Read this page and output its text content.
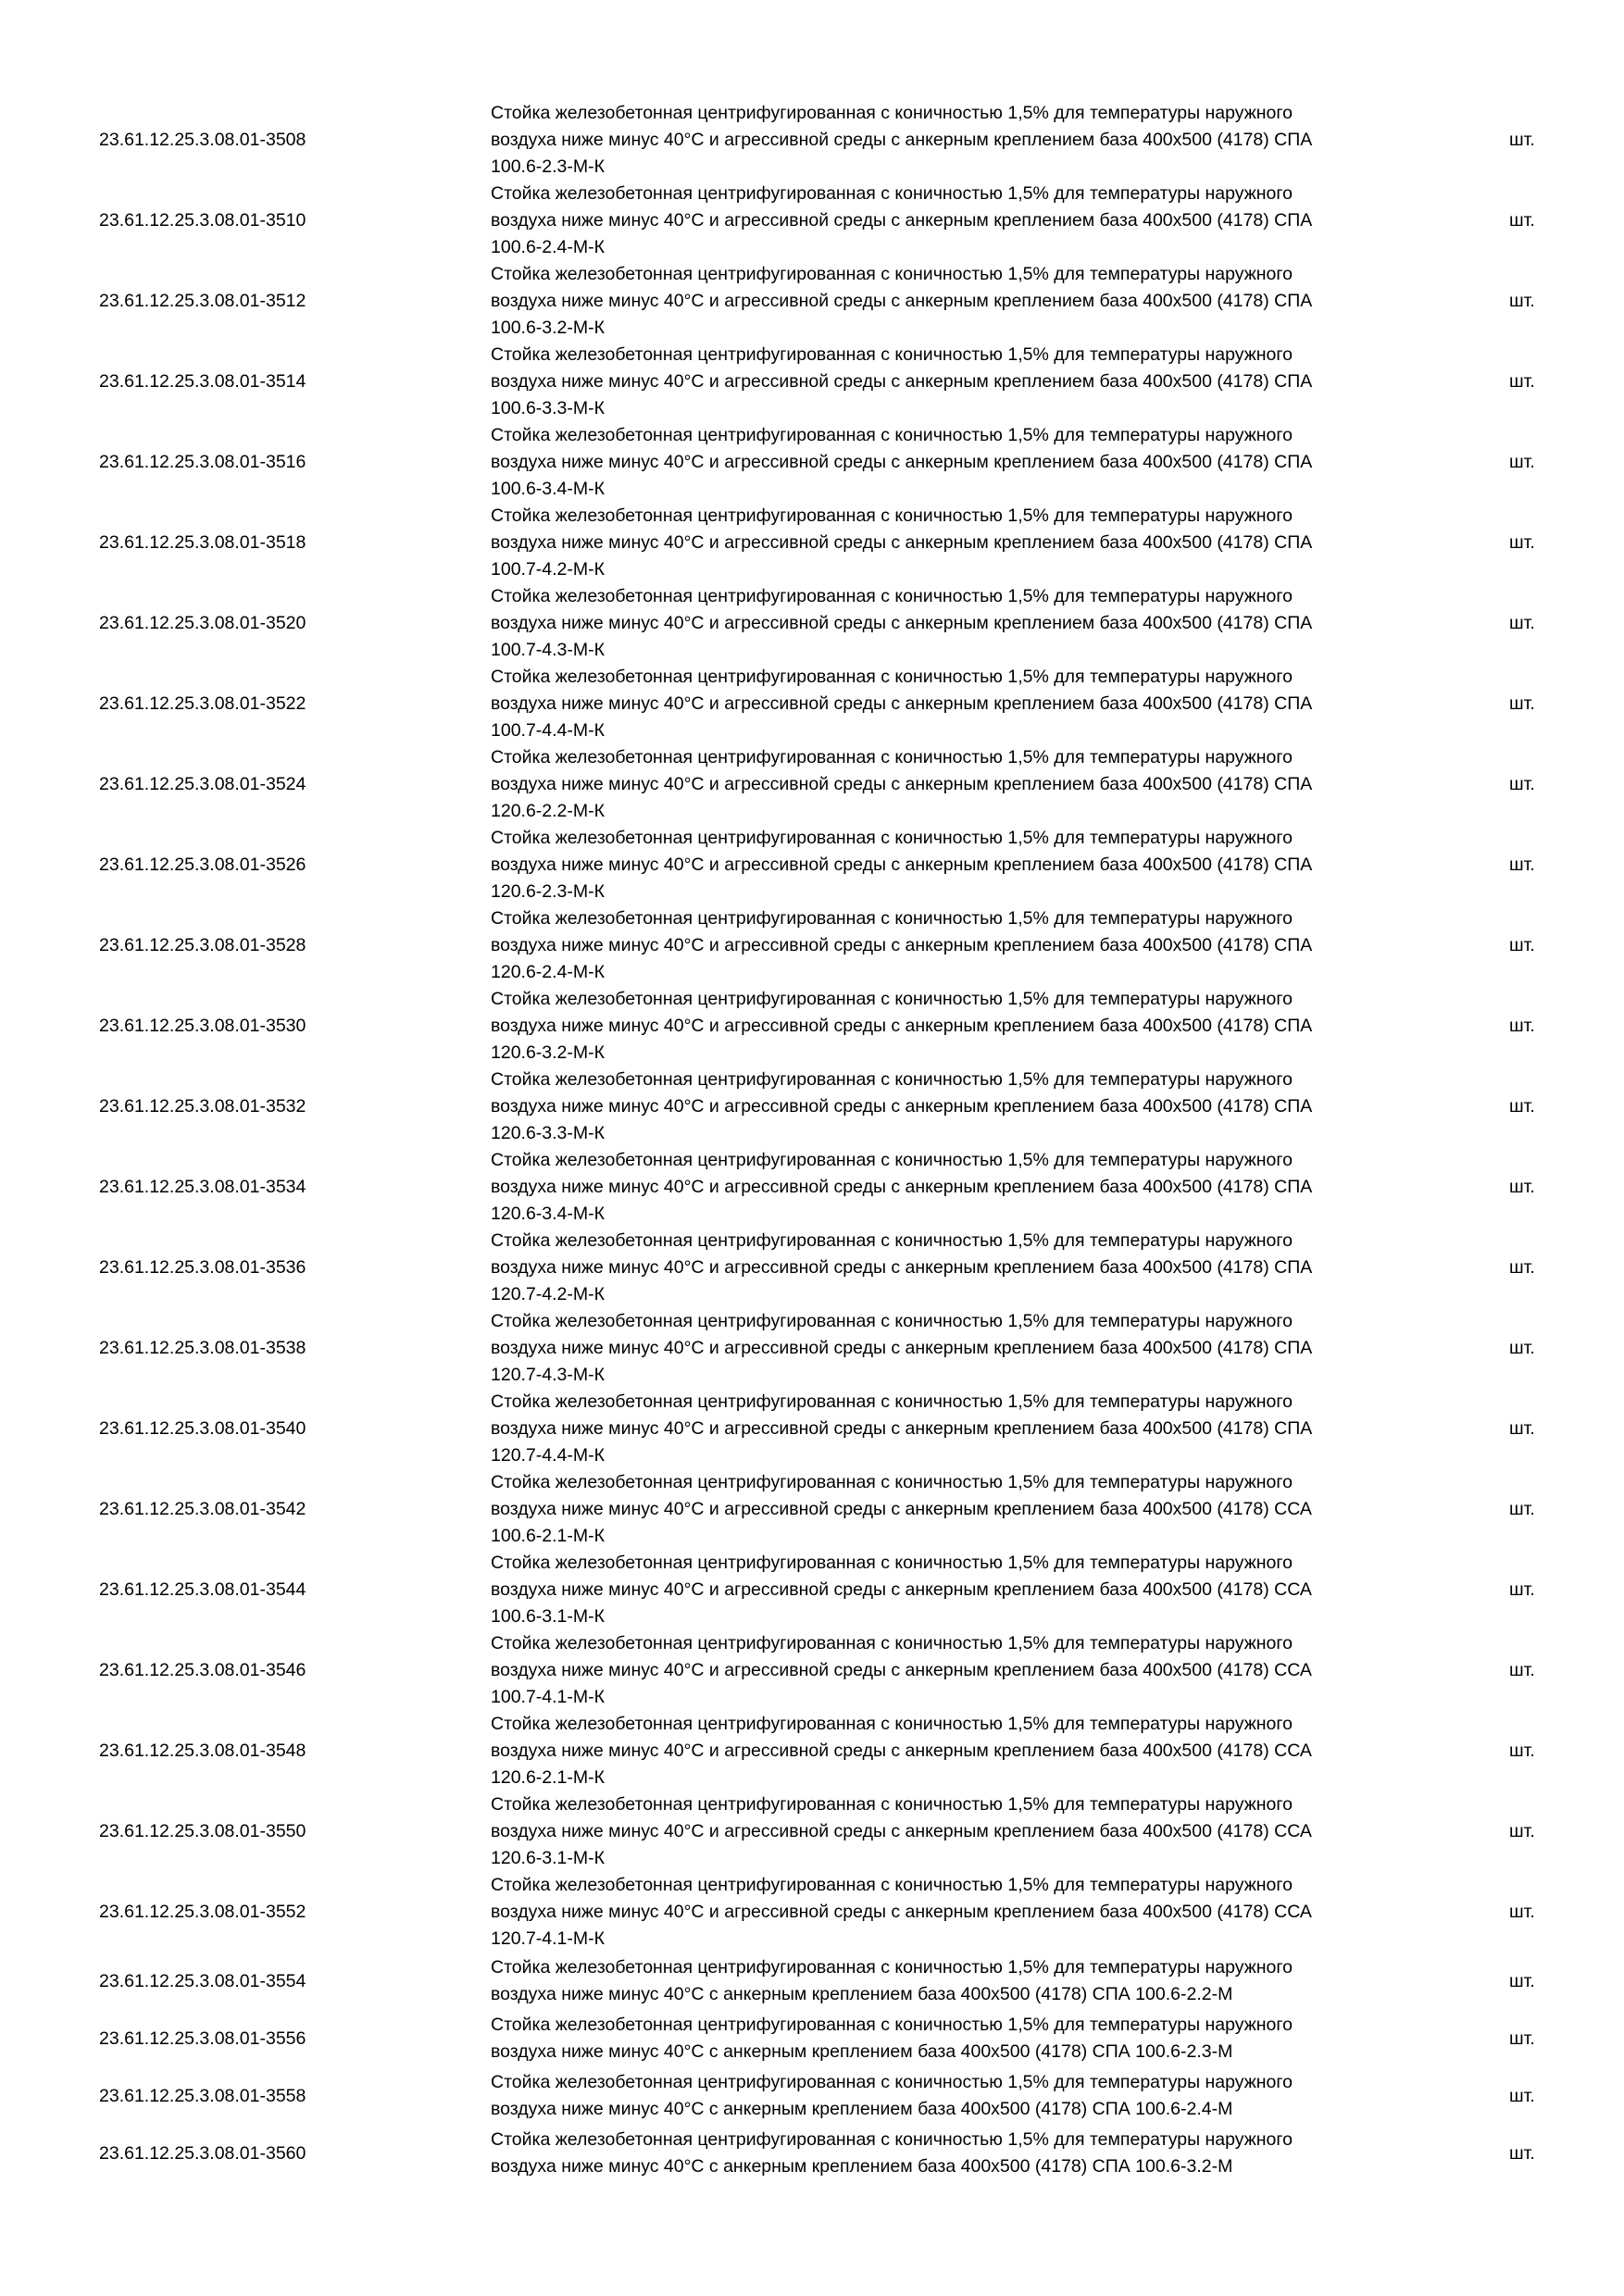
23.61.12.25.3.08.01-3508
Стойка железобетонная центрифугированная с коничностью 1,5% для температуры наружного
воздуха ниже минус 40°С и агрессивной среды с анкерным креплением база 400х500 (4178) СПА
100.6-2.3-М-К
шт.
23.61.12.25.3.08.01-3510
Стойка железобетонная центрифугированная с коничностью 1,5% для температуры наружного
воздуха ниже минус 40°С и агрессивной среды с анкерным креплением база 400х500 (4178) СПА
100.6-2.4-М-К
шт.
23.61.12.25.3.08.01-3512
Стойка железобетонная центрифугированная с коничностью 1,5% для температуры наружного
воздуха ниже минус 40°С и агрессивной среды с анкерным креплением база 400х500 (4178) СПА
100.6-3.2-М-К
шт.
23.61.12.25.3.08.01-3514
Стойка железобетонная центрифугированная с коничностью 1,5% для температуры наружного
воздуха ниже минус 40°С и агрессивной среды с анкерным креплением база 400х500 (4178) СПА
100.6-3.3-М-К
шт.
23.61.12.25.3.08.01-3516
Стойка железобетонная центрифугированная с коничностью 1,5% для температуры наружного
воздуха ниже минус 40°С и агрессивной среды с анкерным креплением база 400х500 (4178) СПА
100.6-3.4-М-К
шт.
23.61.12.25.3.08.01-3518
Стойка железобетонная центрифугированная с коничностью 1,5% для температуры наружного
воздуха ниже минус 40°С и агрессивной среды с анкерным креплением база 400х500 (4178) СПА
100.7-4.2-М-К
шт.
23.61.12.25.3.08.01-3520
Стойка железобетонная центрифугированная с коничностью 1,5% для температуры наружного
воздуха ниже минус 40°С и агрессивной среды с анкерным креплением база 400х500 (4178) СПА
100.7-4.3-М-К
шт.
23.61.12.25.3.08.01-3522
Стойка железобетонная центрифугированная с коничностью 1,5% для температуры наружного
воздуха ниже минус 40°С и агрессивной среды с анкерным креплением база 400х500 (4178) СПА
100.7-4.4-М-К
шт.
23.61.12.25.3.08.01-3524
Стойка железобетонная центрифугированная с коничностью 1,5% для температуры наружного
воздуха ниже минус 40°С и агрессивной среды с анкерным креплением база 400х500 (4178) СПА
120.6-2.2-М-К
шт.
23.61.12.25.3.08.01-3526
Стойка железобетонная центрифугированная с коничностью 1,5% для температуры наружного
воздуха ниже минус 40°С и агрессивной среды с анкерным креплением база 400х500 (4178) СПА
120.6-2.3-М-К
шт.
23.61.12.25.3.08.01-3528
Стойка железобетонная центрифугированная с коничностью 1,5% для температуры наружного
воздуха ниже минус 40°С и агрессивной среды с анкерным креплением база 400х500 (4178) СПА
120.6-2.4-М-К
шт.
23.61.12.25.3.08.01-3530
Стойка железобетонная центрифугированная с коничностью 1,5% для температуры наружного
воздуха ниже минус 40°С и агрессивной среды с анкерным креплением база 400х500 (4178) СПА
120.6-3.2-М-К
шт.
23.61.12.25.3.08.01-3532
Стойка железобетонная центрифугированная с коничностью 1,5% для температуры наружного
воздуха ниже минус 40°С и агрессивной среды с анкерным креплением база 400х500 (4178) СПА
120.6-3.3-М-К
шт.
23.61.12.25.3.08.01-3534
Стойка железобетонная центрифугированная с коничностью 1,5% для температуры наружного
воздуха ниже минус 40°С и агрессивной среды с анкерным креплением база 400х500 (4178) СПА
120.6-3.4-М-К
шт.
23.61.12.25.3.08.01-3536
Стойка железобетонная центрифугированная с коничностью 1,5% для температуры наружного
воздуха ниже минус 40°С и агрессивной среды с анкерным креплением база 400х500 (4178) СПА
120.7-4.2-М-К
шт.
23.61.12.25.3.08.01-3538
Стойка железобетонная центрифугированная с коничностью 1,5% для температуры наружного
воздуха ниже минус 40°С и агрессивной среды с анкерным креплением база 400х500 (4178) СПА
120.7-4.3-М-К
шт.
23.61.12.25.3.08.01-3540
Стойка железобетонная центрифугированная с коничностью 1,5% для температуры наружного
воздуха ниже минус 40°С и агрессивной среды с анкерным креплением база 400х500 (4178) СПА
120.7-4.4-М-К
шт.
23.61.12.25.3.08.01-3542
Стойка железобетонная центрифугированная с коничностью 1,5% для температуры наружного
воздуха ниже минус 40°С и агрессивной среды с анкерным креплением база 400х500 (4178) ССА
100.6-2.1-М-К
шт.
23.61.12.25.3.08.01-3544
Стойка железобетонная центрифугированная с коничностью 1,5% для температуры наружного
воздуха ниже минус 40°С и агрессивной среды с анкерным креплением база 400х500 (4178) ССА
100.6-3.1-М-К
шт.
23.61.12.25.3.08.01-3546
Стойка железобетонная центрифугированная с коничностью 1,5% для температуры наружного
воздуха ниже минус 40°С и агрессивной среды с анкерным креплением база 400х500 (4178) ССА
100.7-4.1-М-К
шт.
23.61.12.25.3.08.01-3548
Стойка железобетонная центрифугированная с коничностью 1,5% для температуры наружного
воздуха ниже минус 40°С и агрессивной среды с анкерным креплением база 400х500 (4178) ССА
120.6-2.1-М-К
шт.
23.61.12.25.3.08.01-3550
Стойка железобетонная центрифугированная с коничностью 1,5% для температуры наружного
воздуха ниже минус 40°С и агрессивной среды с анкерным креплением база 400х500 (4178) ССА
120.6-3.1-М-К
шт.
23.61.12.25.3.08.01-3552
Стойка железобетонная центрифугированная с коничностью 1,5% для температуры наружного
воздуха ниже минус 40°С и агрессивной среды с анкерным креплением база 400х500 (4178) ССА
120.7-4.1-М-К
шт.
23.61.12.25.3.08.01-3554
Стойка железобетонная центрифугированная с коничностью 1,5% для температуры наружного
воздуха ниже минус 40°С с анкерным креплением база 400х500 (4178) СПА 100.6-2.2-М
шт.
23.61.12.25.3.08.01-3556
Стойка железобетонная центрифугированная с коничностью 1,5% для температуры наружного
воздуха ниже минус 40°С с анкерным креплением база 400х500 (4178) СПА 100.6-2.3-М
шт.
23.61.12.25.3.08.01-3558
Стойка железобетонная центрифугированная с коничностью 1,5% для температуры наружного
воздуха ниже минус 40°С с анкерным креплением база 400х500 (4178) СПА 100.6-2.4-М
шт.
23.61.12.25.3.08.01-3560
Стойка железобетонная центрифугированная с коничностью 1,5% для температуры наружного
воздуха ниже минус 40°С с анкерным креплением база 400х500 (4178) СПА 100.6-3.2-М
шт.
